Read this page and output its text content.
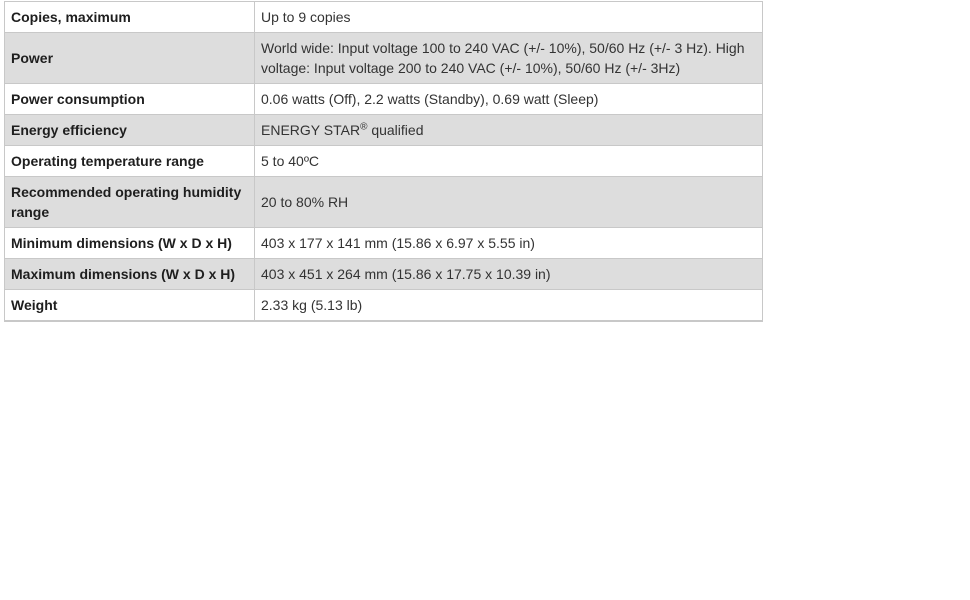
Copies, maximum	Up to 9 copies
Power	World wide: Input voltage 100 to 240 VAC (+/- 10%), 50/60 Hz (+/- 3 Hz). High voltage: Input voltage 200 to 240 VAC (+/- 10%), 50/60 Hz (+/- 3Hz)
Power consumption	0.06 watts (Off), 2.2 watts (Standby), 0.69 watt (Sleep)
Energy efficiency	ENERGY STAR® qualified
Operating temperature range	5 to 40ºC
Recommended operating humidity range	20 to 80% RH
Minimum dimensions (W x D x H)	403 x 177 x 141 mm (15.86 x 6.97 x 5.55 in)
Maximum dimensions (W x D x H)	403 x 451 x 264 mm (15.86 x 17.75 x 10.39 in)
Weight	2.33 kg (5.13 lb)
